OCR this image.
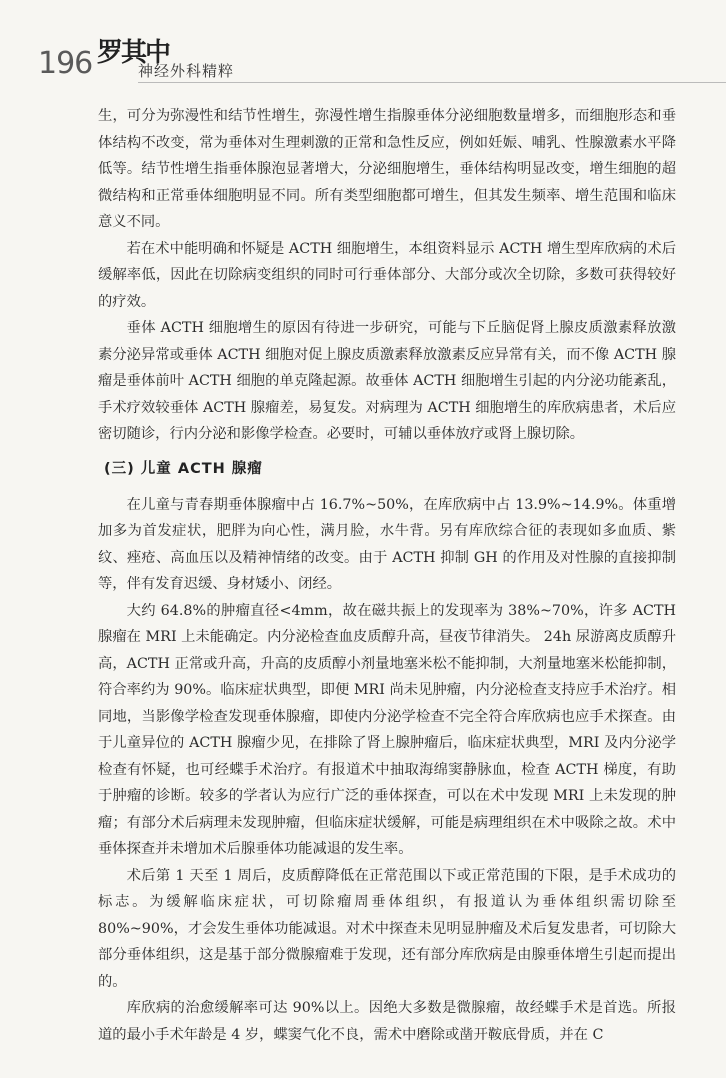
196 罗其中
神经外科精粹

生，可分为弥漫性和结节性增生，弥漫性增生指腺垂体分泌细胞数量增多，而细胞形态和垂体结构不改变，常为垂体对生理刺激的正常和急性反应，例如妊娠、哺乳、性腺激素水平降低等。结节性增生指垂体腺泡显著增大，分泌细胞增生，垂体结构明显改变，增生细胞的超微结构和正常垂体细胞明显不同。所有类型细胞都可增生，但其发生频率、增生范围和临床意义不同。

若在术中能明确和怀疑是 ACTH 细胞增生，本组资料显示 ACTH 增生型库欣病的术后缓解率低，因此在切除病变组织的同时可行垂体部分、大部分或次全切除，多数可获得较好的疗效。

垂体 ACTH 细胞增生的原因有待进一步研究，可能与下丘脑促肾上腺皮质激素释放激素分泌异常或垂体 ACTH 细胞对促上腺皮质激素释放激素反应异常有关，而不像 ACTH 腺瘤是垂体前叶 ACTH 细胞的单克隆起源。故垂体 ACTH 细胞增生引起的内分泌功能紊乱，手术疗效较垂体 ACTH 腺瘤差，易复发。对病理为 ACTH 细胞增生的库欣病患者，术后应密切随诊，行内分泌和影像学检查。必要时，可辅以垂体放疗或肾上腺切除。

(三) 儿童 ACTH 腺瘤

在儿童与青春期垂体腺瘤中占 16.7%~50%，在库欣病中占 13.9%~14.9%。体重增加多为首发症状，肥胖为向心性，满月脸，水牛背。另有库欣综合征的表现如多血质、紫纹、痤疮、高血压以及精神情绪的改变。由于 ACTH 抑制 GH 的作用及对性腺的直接抑制等，伴有发育迟缓、身材矮小、闭经。

大约 64.8%的肿瘤直径<4mm，故在磁共振上的发现率为 38%~70%，许多 ACTH 腺瘤在 MRI 上未能确定。内分泌检查血皮质醇升高，昼夜节律消失。 24h 尿游离皮质醇升高，ACTH 正常或升高，升高的皮质醇小剂量地塞米松不能抑制，大剂量地塞米松能抑制，符合率约为 90%。临床症状典型，即便 MRI 尚未见肿瘤，内分泌检查支持应手术治疗。相同地，当影像学检查发现垂体腺瘤，即使内分泌学检查不完全符合库欣病也应手术探查。由于儿童异位的 ACTH 腺瘤少见，在排除了肾上腺肿瘤后，临床症状典型，MRI 及内分泌学检查有怀疑，也可经蝶手术治疗。有报道术中抽取海绵窦静脉血，检查 ACTH 梯度，有助于肿瘤的诊断。较多的学者认为应行广泛的垂体探查，可以在术中发现 MRI 上未发现的肿瘤；有部分术后病理未发现肿瘤，但临床症状缓解，可能是病理组织在术中吸除之故。术中垂体探查并未增加术后腺垂体功能减退的发生率。

术后第 1 天至 1 周后，皮质醇降低在正常范围以下或正常范围的下限，是手术成功的标志。为缓解临床症状，可切除瘤周垂体组织，有报道认为垂体组织需切除至 80%~90%，才会发生垂体功能减退。对术中探查未见明显肿瘤及术后复发患者，可切除大部分垂体组织，这是基于部分微腺瘤难于发现，还有部分库欣病是由腺垂体增生引起而提出的。

库欣病的治愈缓解率可达 90%以上。因绝大多数是微腺瘤，故经蝶手术是首选。所报道的最小手术年龄是 4 岁，蝶窦气化不良，需术中磨除或凿开鞍底骨质，并在 C
